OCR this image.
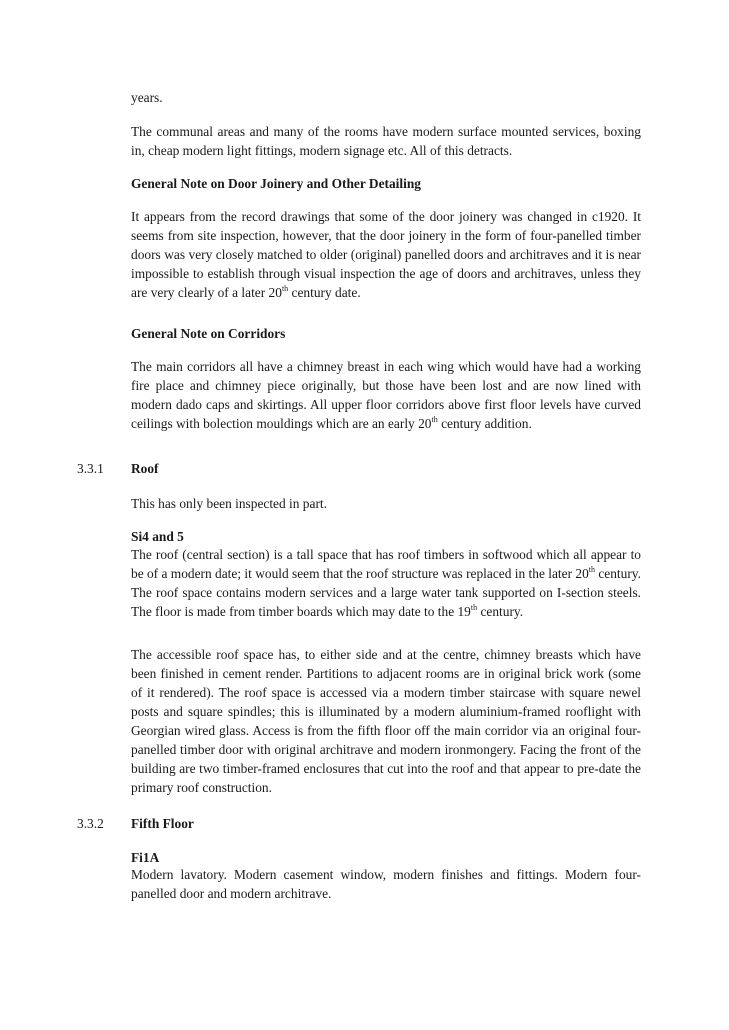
years.

The communal areas and many of the rooms have modern surface mounted services, boxing in, cheap modern light fittings, modern signage etc. All of this detracts.

General Note on Door Joinery and Other Detailing

It appears from the record drawings that some of the door joinery was changed in c1920. It seems from site inspection, however, that the door joinery in the form of four-panelled timber doors was very closely matched to older (original) panelled doors and architraves and it is near impossible to establish through visual inspection the age of doors and architraves, unless they are very clearly of a later 20th century date.

General Note on Corridors

The main corridors all have a chimney breast in each wing which would have had a working fire place and chimney piece originally, but those have been lost and are now lined with modern dado caps and skirtings. All upper floor corridors above first floor levels have curved ceilings with bolection mouldings which are an early 20th century addition.

3.3.1 Roof

This has only been inspected in part.

Si4 and 5

The roof (central section) is a tall space that has roof timbers in softwood which all appear to be of a modern date; it would seem that the roof structure was replaced in the later 20th century. The roof space contains modern services and a large water tank supported on I-section steels. The floor is made from timber boards which may date to the 19th century.

The accessible roof space has, to either side and at the centre, chimney breasts which have been finished in cement render. Partitions to adjacent rooms are in original brick work (some of it rendered). The roof space is accessed via a modern timber staircase with square newel posts and square spindles; this is illuminated by a modern aluminium-framed rooflight with Georgian wired glass. Access is from the fifth floor off the main corridor via an original four-panelled timber door with original architrave and modern ironmongery. Facing the front of the building are two timber-framed enclosures that cut into the roof and that appear to pre-date the primary roof construction.

3.3.2 Fifth Floor

Fi1A

Modern lavatory. Modern casement window, modern finishes and fittings. Modern four-panelled door and modern architrave.
